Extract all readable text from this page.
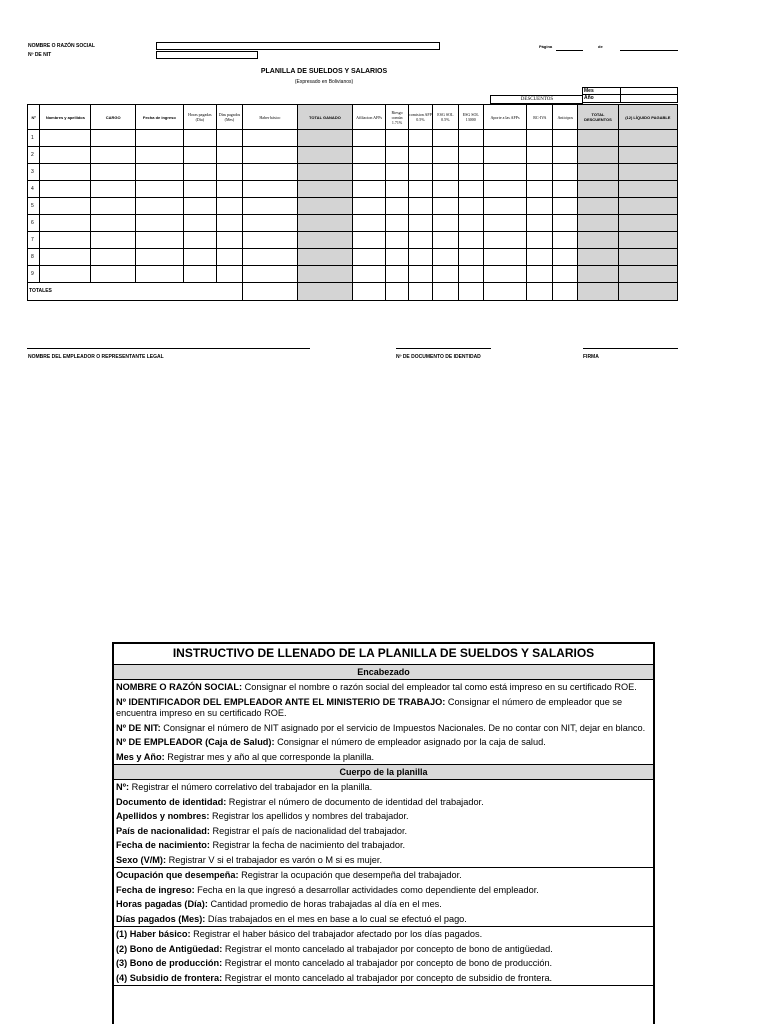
NOMBRE O RAZÓN SOCIAL
Nº DE NIT
Página	de
PLANILLA DE SUELDOS Y SALARIOS
(Expresado en Bolivianos)
Mes
Año
DESCUENTOS
Nº	Nombres y apellidos	CARGO	Fecha de ingreso	Horas pagadas (Día)	Días pagados (Mes)	Haber básico	TOTAL GANADO	Afiliacion AFPs	Riesgo común 1.71%	comision AFP 0.5%	ESG SOL 0.5%	ESG SOL 13000	Aporte a las AFPs	RC-IVA	Anticipos	TOTAL DESCUENTOS	(12) LÍQUIDO PAGABLE
1																	
2																	
3																	
4																	
5																	
6																	
7																	
8																	
9																	
TOTALES																	
NOMBRE DEL EMPLEADOR O REPRESENTANTE LEGAL	Nº DE DOCUMENTO DE IDENTIDAD	FIRMA
INSTRUCTIVO DE LLENADO DE LA PLANILLA DE SUELDOS Y SALARIOS
Encabezado
NOMBRE O RAZÓN SOCIAL: Consignar el nombre o razón social del empleador tal como está impreso en su certificado ROE.
Nº IDENTIFICADOR DEL EMPLEADOR ANTE EL MINISTERIO DE TRABAJO: Consignar el número de empleador que se encuentra impreso en su certificado ROE.
Nº DE NIT: Consignar el número de NIT asignado por el servicio de Impuestos Nacionales. De no contar con NIT, dejar en blanco.
Nº DE EMPLEADOR (Caja de Salud): Consignar el número de empleador asignado por la caja de salud.
Mes y Año: Registrar mes y año al que corresponde la planilla.
Cuerpo de la planilla
Nº: Registrar el número correlativo del trabajador en la planilla.
Documento de identidad: Registrar el número de documento de identidad del trabajador.
Apellidos y nombres: Registrar los apellidos y nombres del trabajador.
País de nacionalidad: Registrar el país de nacionalidad del trabajador.
Fecha de nacimiento: Registrar la fecha de nacimiento del trabajador.
Sexo (V/M): Registrar V si el trabajador es varón o M si es mujer.
Ocupación que desempeña: Registrar la ocupación que desempeña del trabajador.
Fecha de ingreso: Fecha en la que ingresó a desarrollar actividades como dependiente del empleador.
Horas pagadas (Día): Cantidad promedio de horas trabajadas al día en el mes.
Días pagados (Mes): Días trabajados en el mes en base a lo cual se efectuó el pago.
(1) Haber básico: Registrar el haber básico del trabajador afectado por los días pagados.
(2) Bono de Antigüedad: Registrar el monto cancelado al trabajador por concepto de bono de antigüedad.
(3) Bono de producción: Registrar el monto cancelado al trabajador por concepto de bono de producción.
(4) Subsidio de frontera: Registrar el monto cancelado al trabajador por concepto de subsidio de frontera.
